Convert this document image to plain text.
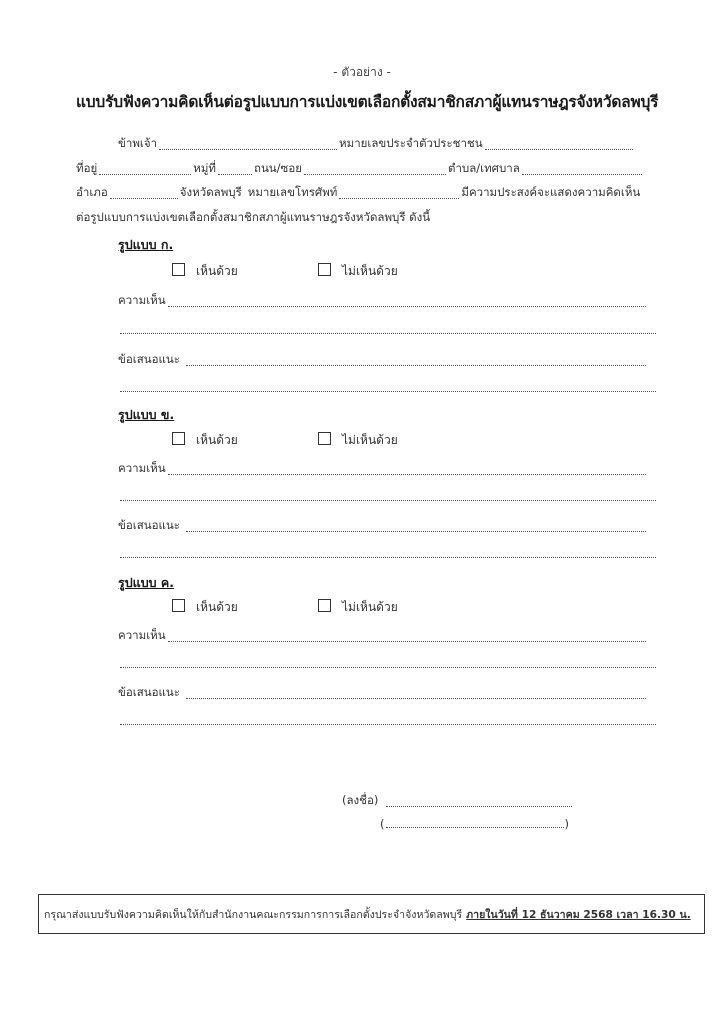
- ตัวอย่าง -
แบบรับฟังความคิดเห็นต่อรูปแบบการแบ่งเขตเลือกตั้งสมาชิกสภาผู้แทนราษฎรจังหวัดลพบุรี
ข้าพเจ้า	หมายเลขประจำตัวประชาชน
ที่อยู่	หมู่ที่	ถนน/ซอย	ตำบล/เทศบาล
อำเภอ	จังหวัดลพบุรี หมายเลขโทรศัพท์	มีความประสงค์จะแสดงความคิดเห็น
ต่อรูปแบบการแบ่งเขตเลือกตั้งสมาชิกสภาผู้แทนราษฎรจังหวัดลพบุรี ดังนี้
รูปแบบ ก.
เห็นด้วย	ไม่เห็นด้วย
ความเห็น
ข้อเสนอแนะ
รูปแบบ ข.
เห็นด้วย	ไม่เห็นด้วย
ความเห็น
ข้อเสนอแนะ
รูปแบบ ค.
เห็นด้วย	ไม่เห็นด้วย
ความเห็น
ข้อเสนอแนะ
(ลงชื่อ)
(	)
กรุณาส่งแบบรับฟังความคิดเห็นให้กับสำนักงานคณะกรรมการการเลือกตั้งประจำจังหวัดลพบุรี ภายในวันที่ 12 ธันวาคม 2568 เวลา 16.30 น.
